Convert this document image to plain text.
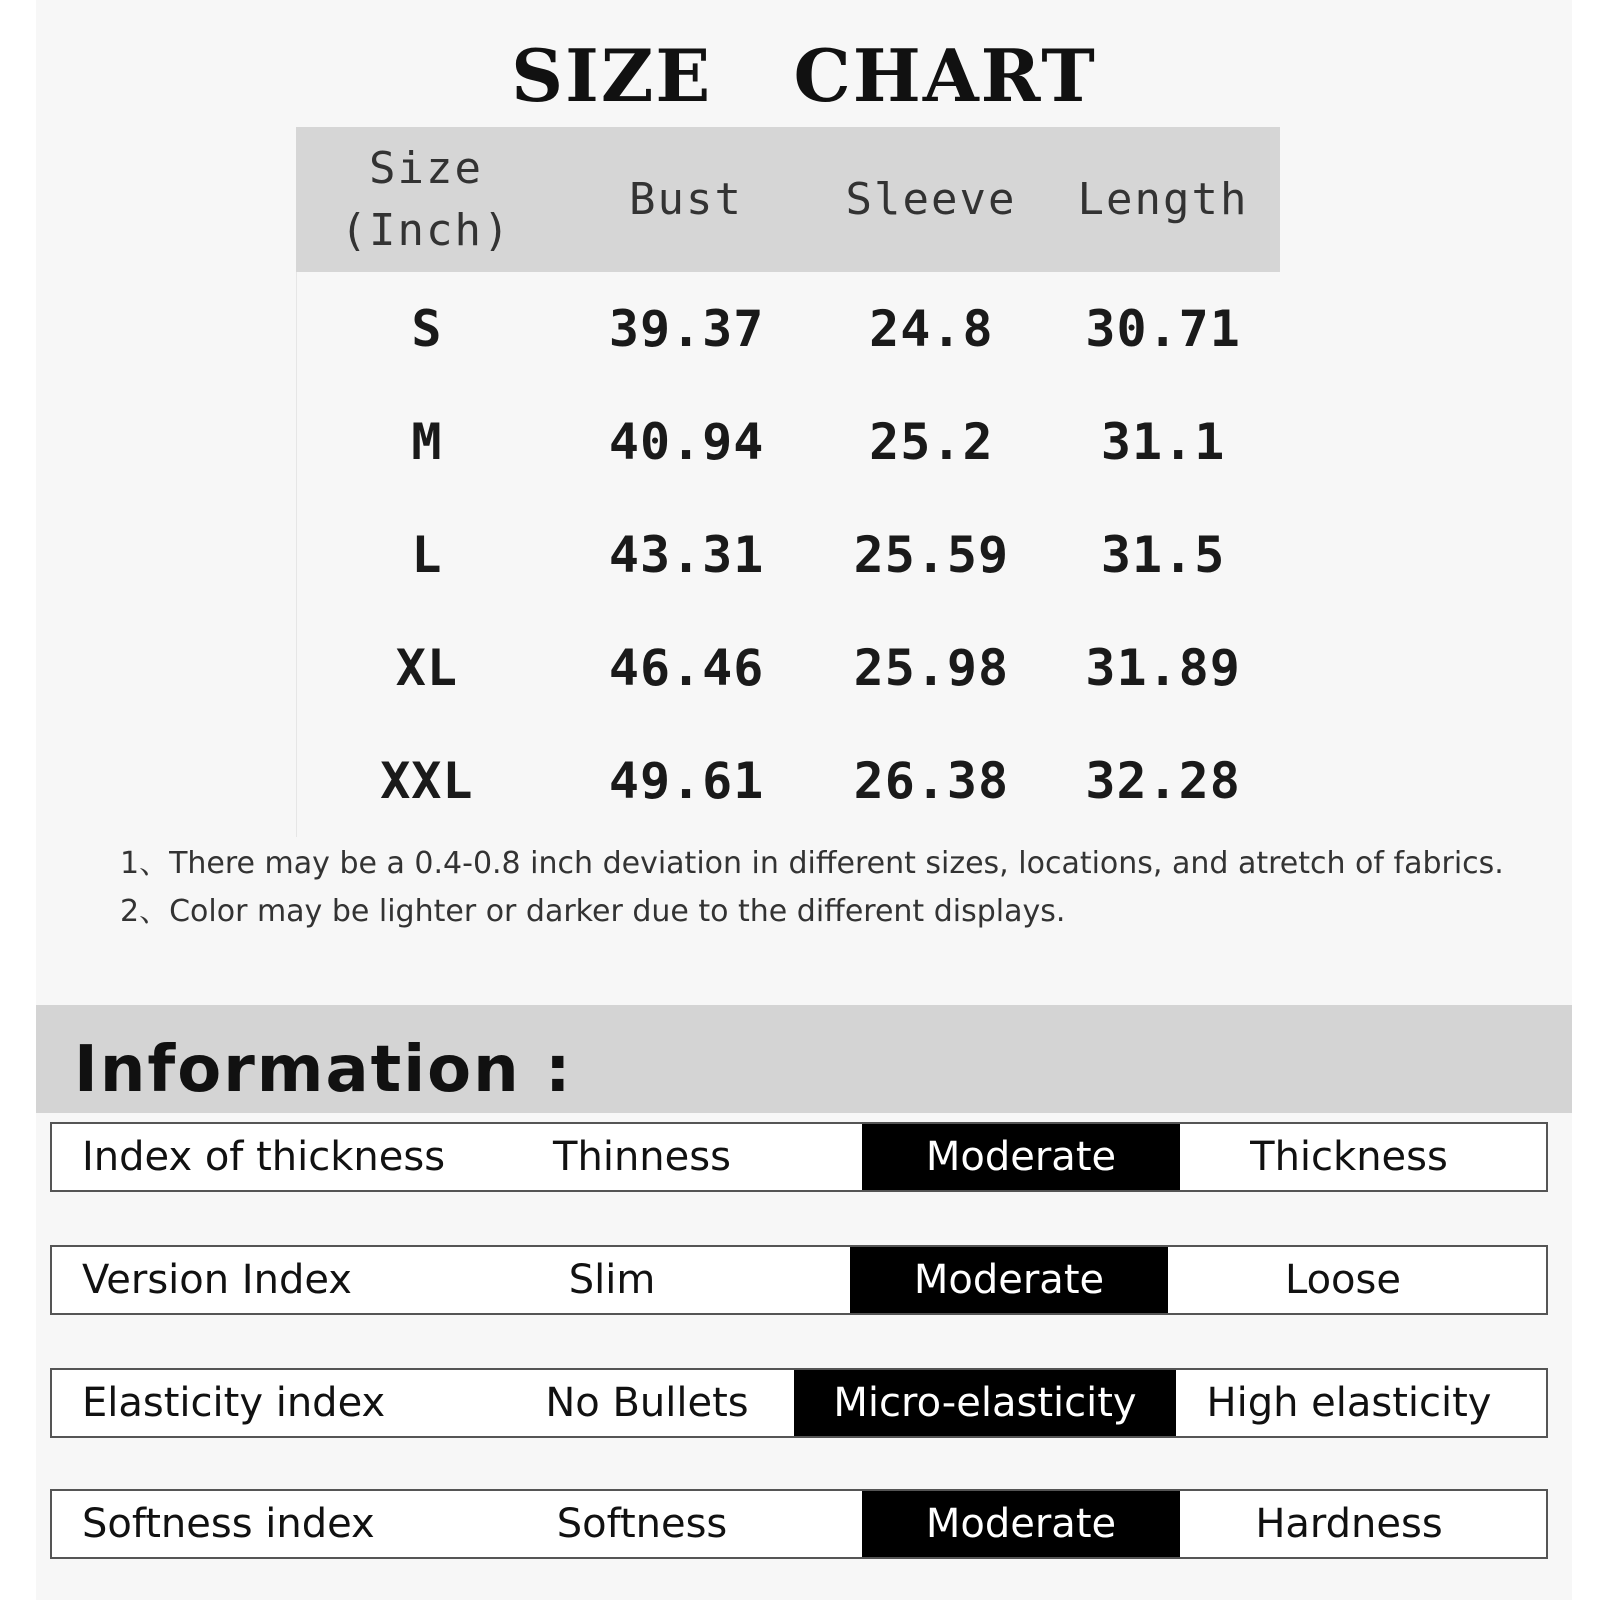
SIZE   CHART
Size
(Inch)
Bust	Sleeve	Length
S	39.37	24.8	30.71
M	40.94	25.2	31.1
L	43.31	25.59	31.5
XL	46.46	25.98	31.89
XXL	49.61	26.38	32.28
1、There may be a 0.4-0.8 inch deviation in different sizes, locations, and atretch of fabrics.
2、Color may be lighter or darker due to the different displays.
Information :
Index of thickness	Thinness	Moderate	Thickness
Version Index	Slim	Moderate	Loose
Elasticity index	No Bullets	Micro-elasticity	High elasticity
Softness index	Softness	Moderate	Hardness
